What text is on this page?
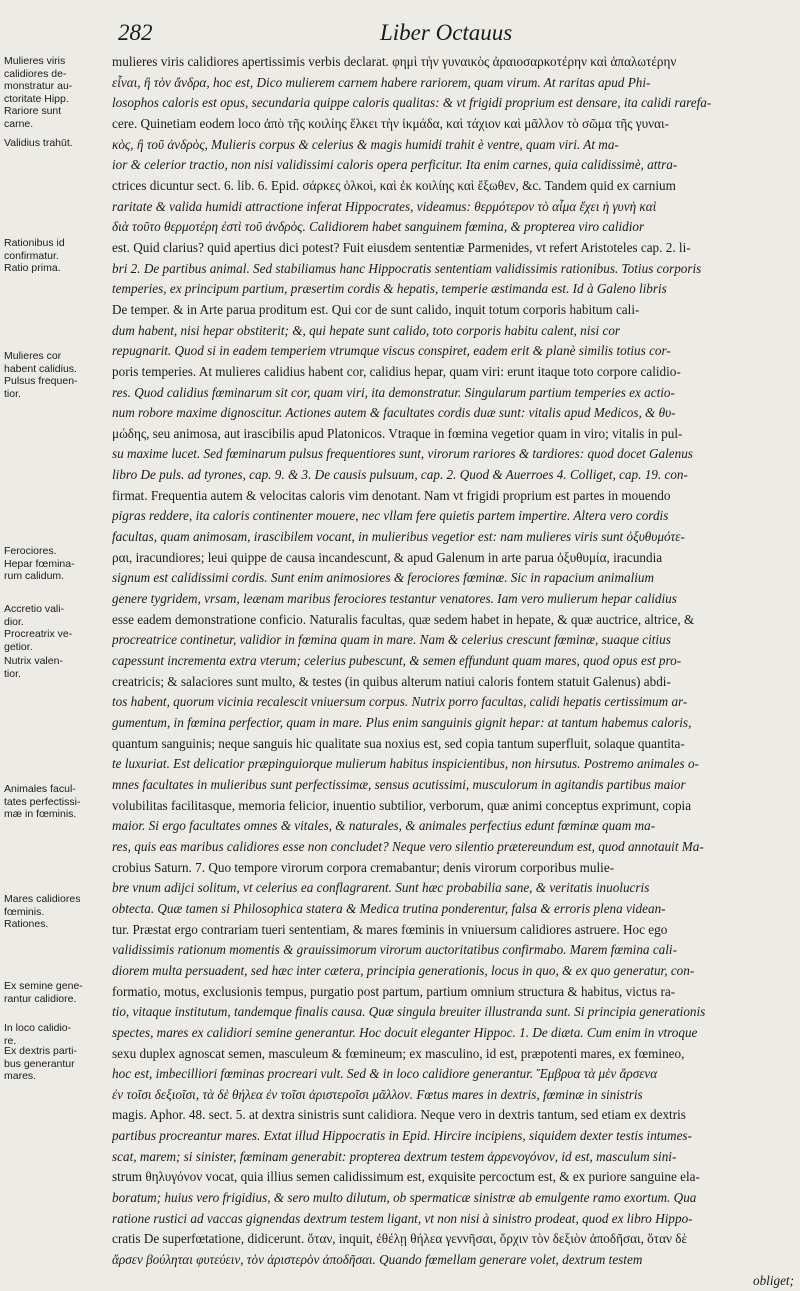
282	Liber Octauus

Mulieres viris

calidiores de-

monstratur au-

ctoritate Hipp.

Rariore sunt

carne.

Validius trahūt.

Rationibus id

confirmatur.

Ratio prima.

Mulieres cor

habent calidius.

Pulsus frequen-

tior.

Ferociores.

Hepar fœmina-

rum calidum.

Accretio vali-

dior.

Procreatrix ve-

getior.

Nutrix valen-

tior.

Animales facul-

tates perfectissi-

mæ in fœminis.

Mares calidiores

fœminis.

Rationes.

Ex semine gene-

rantur calidiore.

In loco calidio-

re.

Ex dextris parti-

bus generantur

mares.

mulieres viris calidiores apertissimis verbis declarat. φημὶ τὴν γυναικὸς ἀραιοσαρκοτέρην καὶ ἁπαλωτέρην
εἶναι, ἢ τὸν ἄνδρα, hoc est, Dico mulierem carnem habere rariorem, quam virum. At raritas apud Phi-
losophos caloris est opus, secundaria quippe caloris qualitas: & vt frigidi proprium est densare, ita calidi rarefa-
cere. Quinetiam eodem loco ἀπὸ τῆς κοιλίης ἕλκει τὴν ἰκμάδα, καὶ τάχιον καὶ μᾶλλον τὸ σῶμα τῆς γυναι-
κὸς, ἢ τοῦ ἀνδρὸς, Mulieris corpus & celerius & magis humidi trahit è ventre, quam viri. At ma-
ior & celerior tractio, non nisi validissimi caloris opera perficitur. Ita enim carnes, quia calidissimè, attra-
ctrices dicuntur sect. 6. lib. 6. Epid. σάρκες ὁλκοὶ, καὶ ἐκ κοιλίης καὶ ἔξωθεν, &c. Tandem quid ex carnium
raritate & valida humidi attractione inferat Hippocrates, videamus: θερμότερον τὸ αἷμα ἔχει ἡ γυνὴ καὶ
διὰ τοῦτο θερμοτέρη ἐστὶ τοῦ ἀνδρὸς. Calidiorem habet sanguinem fœmina, & propterea viro calidior
est. Quid clarius? quid apertius dici potest? Fuit eiusdem sententiæ Parmenides, vt refert Aristoteles cap. 2. li-
bri 2. De partibus animal. Sed stabiliamus hanc Hippocratis sententiam validissimis rationibus. Totius corporis
temperies, ex principum partium, præsertim cordis & hepatis, temperie æstimanda est. Id à Galeno libris
De temper. & in Arte parua proditum est. Qui cor de sunt calido, inquit totum corporis habitum cali-
dum habent, nisi hepar obstiterit; &, qui hepate sunt calido, toto corporis habitu calent, nisi cor
repugnarit. Quod si in eadem temperiem vtrumque viscus conspiret, eadem erit & planè similis totius cor-
poris temperies. At mulieres calidius habent cor, calidius hepar, quam viri: erunt itaque toto corpore calidio-
res. Quod calidius fœminarum sit cor, quam viri, ita demonstratur. Singularum partium temperies ex actio-
num robore maxime dignoscitur. Actiones autem & facultates cordis duæ sunt: vitalis apud Medicos, & θυ-
μώδης, seu animosa, aut irascibilis apud Platonicos. Vtraque in fœmina vegetior quam in viro; vitalis in pul-
su maxime lucet. Sed fœminarum pulsus frequentiores sunt, virorum rariores & tardiores: quod docet Galenus
libro De puls. ad tyrones, cap. 9. & 3. De causis pulsuum, cap. 2. Quod & Auerroes 4. Colliget, cap. 19. con-
firmat. Frequentia autem & velocitas caloris vim denotant. Nam vt frigidi proprium est partes in mouendo
pigras reddere, ita caloris continenter mouere, nec vllam fere quietis partem impertire. Altera vero cordis
facultas, quam animosam, irascibilem vocant, in mulieribus vegetior est: nam mulieres viris sunt ὀξυθυμότε-
ραι, iracundiores; leui quippe de causa incandescunt, & apud Galenum in arte parua ὀξυθυμία, iracundia
signum est calidissimi cordis. Sunt enim animosiores & ferociores fœminæ. Sic in rapacium animalium
genere tygridem, vrsam, leænam maribus ferociores testantur venatores. Iam vero mulierum hepar calidius
esse eadem demonstratione conficio. Naturalis facultas, quæ sedem habet in hepate, & quæ auctrice, altrice, &
procreatrice continetur, validior in fœmina quam in mare. Nam & celerius crescunt fœminæ, suaque citius
capessunt incrementa extra vterum; celerius pubescunt, & semen effundunt quam mares, quod opus est pro-
creatricis; & salaciores sunt multo, & testes (in quibus alterum natiui caloris fontem statuit Galenus) abdi-
tos habent, quorum vicinia recalescit vniuersum corpus. Nutrix porro facultas, calidi hepatis certissimum ar-
gumentum, in fœmina perfectior, quam in mare. Plus enim sanguinis gignit hepar: at tantum habemus caloris,
quantum sanguinis; neque sanguis hic qualitate sua noxius est, sed copia tantum superfluit, solaque quantita-
te luxuriat. Est delicatior præpinguiorque mulierum habitus inspicientibus, non hirsutus. Postremo animales o-
mnes facultates in mulieribus sunt perfectissimæ, sensus acutissimi, musculorum in agitandis partibus maior
volubilitas facilitasque, memoria felicior, inuentio subtilior, verborum, quæ animi conceptus exprimunt, copia
maior. Si ergo facultates omnes & vitales, & naturales, & animales perfectius edunt fœminæ quam ma-
res, quis eas maribus calidiores esse non concludet? Neque vero silentio prætereundum est, quod annotauit Ma-
crobius Saturn. 7. Quo tempore virorum corpora cremabantur; denis virorum corporibus mulie-
bre vnum adijci solitum, vt celerius ea conflagrarent. Sunt hæc probabilia sane, & veritatis inuolucris
obtecta. Quæ tamen si Philosophica statera & Medica trutina ponderentur, falsa & erroris plena videan-
tur. Præstat ergo contrariam tueri sententiam, & mares fœminis in vniuersum calidiores astruere. Hoc ego
validissimis rationum momentis & grauissimorum virorum auctoritatibus confirmabo. Marem fœmina cali-
diorem multa persuadent, sed hæc inter cætera, principia generationis, locus in quo, & ex quo generatur, con-
formatio, motus, exclusionis tempus, purgatio post partum, partium omnium structura & habitus, victus ra-
tio, vitaque institutum, tandemque finalis causa. Quæ singula breuiter illustranda sunt. Si principia generationis
spectes, mares ex calidiori semine generantur. Hoc docuit eleganter Hippoc. 1. De diæta. Cum enim in vtroque
sexu duplex agnoscat semen, masculeum & fœmineum; ex masculino, id est, præpotenti mares, ex fœmineo,
hoc est, imbecilliori fœminas procreari vult. Sed & in loco calidiore generantur. Ἔμβρυα τὰ μὲν ἄρσενα
ἐν τοῖσι δεξιοῖσι, τὰ δὲ θήλεα ἐν τοῖσι ἀριστεροῖσι μᾶλλον. Fœtus mares in dextris, fœminæ in sinistris
magis. Aphor. 48. sect. 5. at dextra sinistris sunt calidiora. Neque vero in dextris tantum, sed etiam ex dextris
partibus procreantur mares. Extat illud Hippocratis in Epid. Hircire incipiens, siquidem dexter testis intumes-
scat, marem; si sinister, fœminam generabit: propterea dextrum testem ἀρρενογόνον, id est, masculum sini-
strum θηλυγόνον vocat, quia illius semen calidissimum est, exquisite percoctum est, & ex puriore sanguine ela-
boratum; huius vero frigidius, & sero multo dilutum, ob spermaticæ sinistræ ab emulgente ramo exortum. Qua
ratione rustici ad vaccas gignendas dextrum testem ligant, vt non nisi à sinistro prodeat, quod ex libro Hippo-
cratis De superfœtatione, didicerunt. ὅταν, inquit, ἐθέλῃ θήλεα γεννῆσαι, ὄρχιν τὸν δεξιὸν ἀποδῆσαι, ὅταν δὲ
ἄρσεν βούληται φυτεύειν, τὸν ἀριστερὸν ἀποδῆσαι. Quando fœmellam generare volet, dextrum testem
obliget;
